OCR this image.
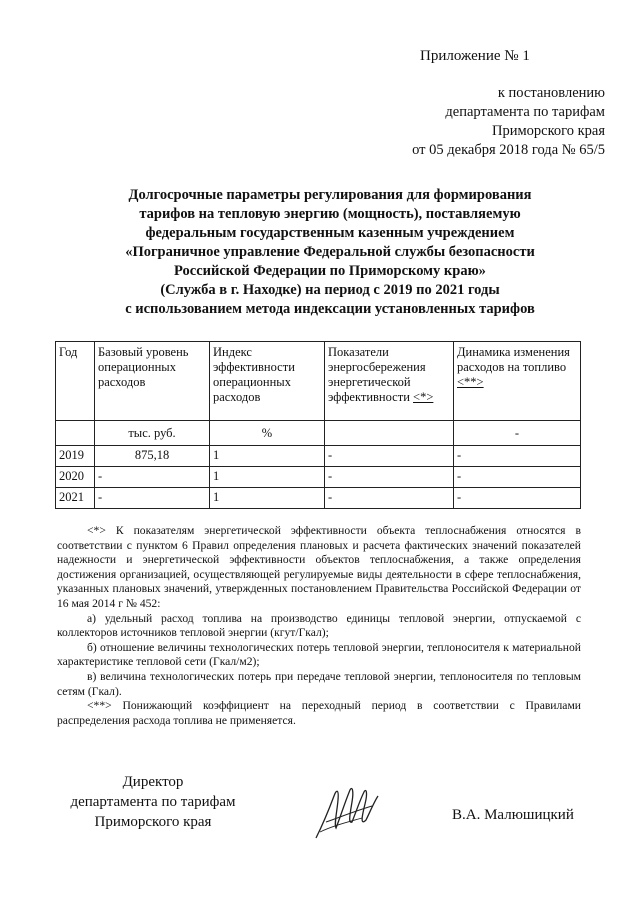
Приложение № 1
к постановлению
департамента по тарифам
Приморского края
от 05 декабря 2018 года № 65/5
Долгосрочные параметры регулирования для формирования
тарифов на тепловую энергию (мощность), поставляемую
федеральным государственным казенным учреждением
«Пограничное управление Федеральной службы безопасности
Российской Федерации по Приморскому краю»
(Служба в г. Находке) на период с 2019 по 2021 годы
с использованием метода индексации установленных тарифов
Год	Базовый уровень операционных расходов	Индекс эффективности операционных расходов	Показатели энергосбережения энергетической эффективности <*>	Динамика изменения расходов на топливо <**>
	тыс. руб.	%		-
2019	875,18	1	-	-
2020	-	1	-	-
2021	-	1	-	-

<*> К показателям энергетической эффективности объекта теплоснабжения относятся в соответствии с пунктом 6 Правил определения плановых и расчета фактических значений показателей надежности и энергетической эффективности объектов теплоснабжения, а также определения достижения организацией, осуществляющей регулируемые виды деятельности в сфере теплоснабжения, указанных плановых значений, утвержденных постановлением Правительства Российской Федерации от 16 мая 2014 г № 452:

а) удельный расход топлива на производство единицы тепловой энергии, отпускаемой с коллекторов источников тепловой энергии (кгут/Гкал);

б) отношение величины технологических потерь тепловой энергии, теплоносителя к материальной характеристике тепловой сети (Гкал/м2);

в) величина технологических потерь при передаче тепловой энергии, теплоносителя по тепловым сетям (Гкал).

<**> Понижающий коэффициент на переходный период в соответствии с Правилами распределения расхода топлива не применяется.

Директор
департамента по тарифам
Приморского края	В.А. Малюшицкий
